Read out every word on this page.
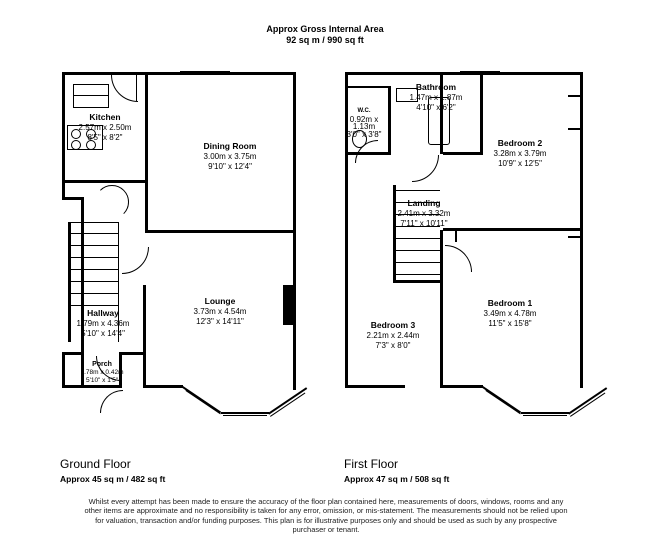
Approx Gross Internal Area
92 sq m / 990 sq ft
Kitchen
2.57m x 2.50m
8'5" x 8'2"
Dining Room
3.00m x 3.75m
9'10" x 12'4"
Lounge
3.73m x 4.54m
12'3" x 14'11"
Hallway
1.79m x 4.36m
5'10" x 14'4"
Porch
1.78m x 0.42m
5'10" x 1'5"
Bathroom
1.47m x 1.87m
4'10" x 6'2"
W.C.
0.92m x 1.13m
3'0" x 3'8"
Bedroom 2
3.28m x 3.79m
10'9" x 12'5"
Landing
2.41m x 3.32m
7'11" x 10'11"
Bedroom 1
3.49m x 4.78m
11'5" x 15'8"
Bedroom 3
2.21m x 2.44m
7'3" x 8'0"
Ground Floor
Approx 45 sq m / 482 sq ft
First Floor
Approx 47 sq m / 508 sq ft
Whilst every attempt has been made to ensure the accuracy of the floor plan contained here, measurements of doors, windows, rooms and any other items are approximate and no responsibility is taken for any error, omission, or mis-statement. The measurements should not be relied upon for valuation, transaction and/or funding purposes. This plan is for illustrative purposes only and should be used as such by any prospective purchaser or tenant.
